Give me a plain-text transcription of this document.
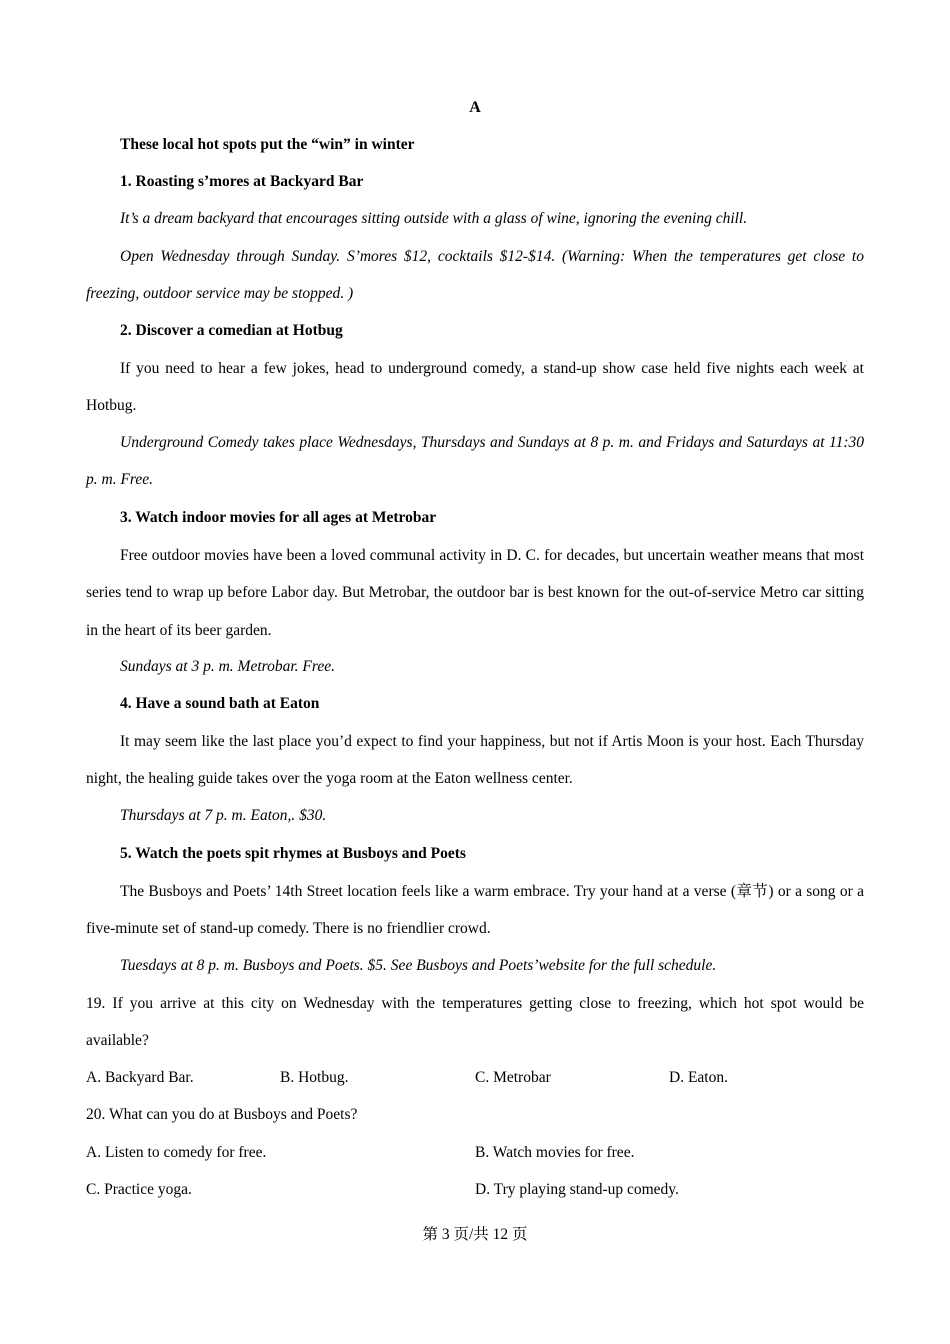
A
These local hot spots put the “win” in winter
1. Roasting s’mores at Backyard Bar
It’s a dream backyard that encourages sitting outside with a glass of wine, ignoring the evening chill.
Open Wednesday through Sunday. S’mores $12, cocktails $12-$14. (Warning: When the temperatures get close to freezing, outdoor service may be stopped. )
2. Discover a comedian at Hotbug
If you need to hear a few jokes, head to underground comedy, a stand-up show case held five nights each week at Hotbug.
Underground Comedy takes place Wednesdays, Thursdays and Sundays at 8 p. m. and Fridays and Saturdays at 11:30 p. m. Free.
3. Watch indoor movies for all ages at Metrobar
Free outdoor movies have been a loved communal activity in D. C. for decades, but uncertain weather means that most series tend to wrap up before Labor day. But Metrobar, the outdoor bar is best known for the out-of-service Metro car sitting in the heart of its beer garden.
Sundays at 3 p. m. Metrobar. Free.
4. Have a sound bath at Eaton
It may seem like the last place you’d expect to find your happiness, but not if Artis Moon is your host. Each Thursday night, the healing guide takes over the yoga room at the Eaton wellness center.
Thursdays at 7 p. m. Eaton,. $30.
5. Watch the poets spit rhymes at Busboys and Poets
The Busboys and Poets’ 14th Street location feels like a warm embrace. Try your hand at a verse (章节) or a song or a five-minute set of stand-up comedy. There is no friendlier crowd.
Tuesdays at 8 p. m. Busboys and Poets. $5. See Busboys and Poets’website for the full schedule.
19. If you arrive at this city on Wednesday with the temperatures getting close to freezing, which hot spot would be available?
A. Backyard Bar.	B. Hotbug.	C. Metrobar	D. Eaton.
20. What can you do at Busboys and Poets?
A. Listen to comedy for free.	B. Watch movies for free.
C. Practice yoga.	D. Try playing stand-up comedy.
第 3 页/共 12 页
